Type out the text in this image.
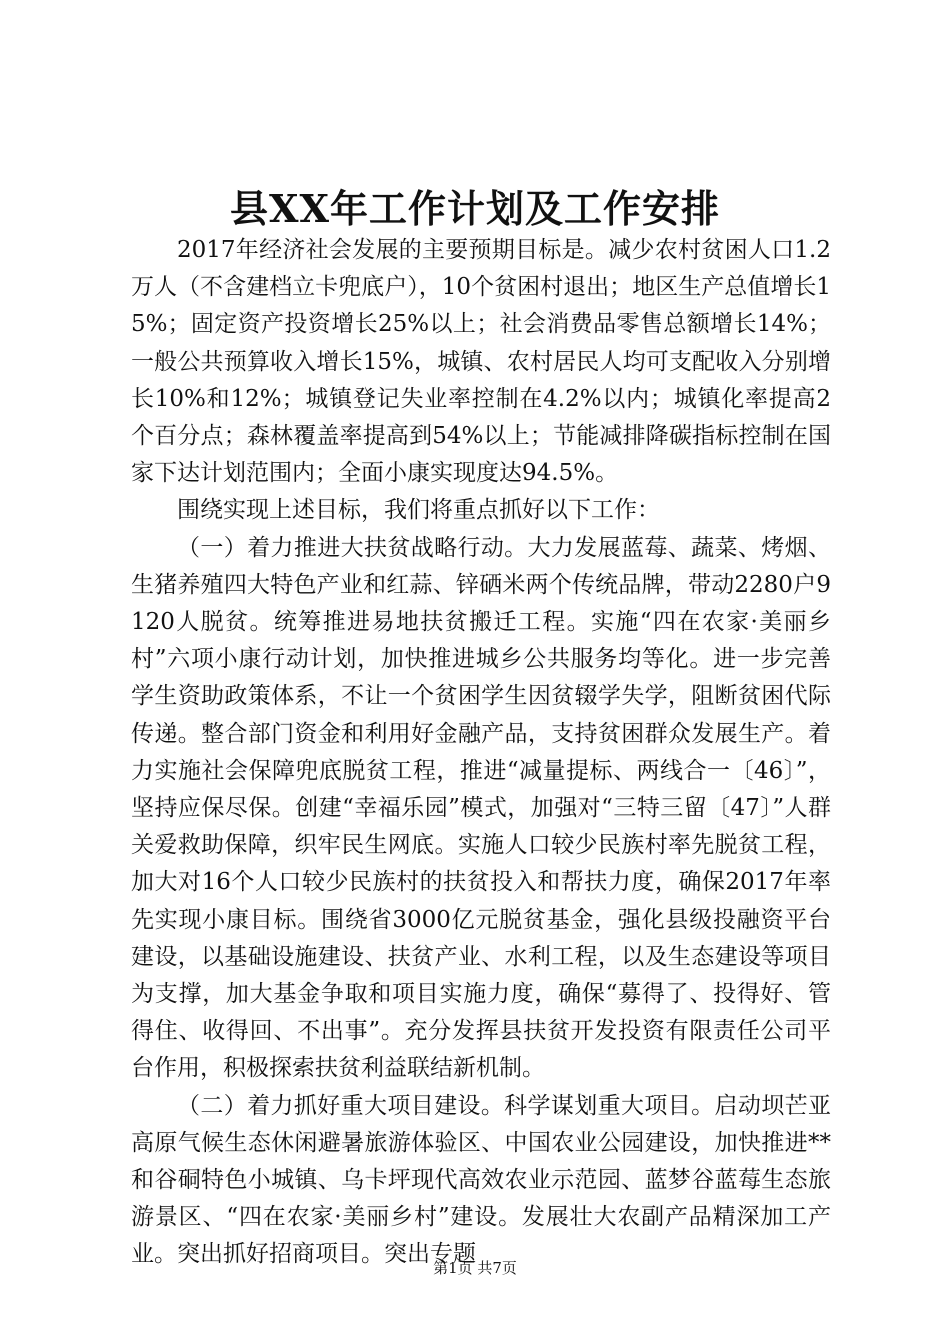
县XX年工作计划及工作安排

2017年经济社会发展的主要预期目标是。减少农村贫困人口1.2万人（不含建档立卡兜底户），10个贫困村退出；地区生产总值增长15%；固定资产投资增长25%以上；社会消费品零售总额增长14%；一般公共预算收入增长15%，城镇、农村居民人均可支配收入分别增长10%和12%；城镇登记失业率控制在4.2%以内；城镇化率提高2个百分点；森林覆盖率提高到54%以上；节能减排降碳指标控制在国家下达计划范围内；全面小康实现度达94.5%。

围绕实现上述目标，我们将重点抓好以下工作：

（一）着力推进大扶贫战略行动。大力发展蓝莓、蔬菜、烤烟、生猪养殖四大特色产业和红蒜、锌硒米两个传统品牌，带动2280户9120人脱贫。统筹推进易地扶贫搬迁工程。实施“四在农家·美丽乡村”六项小康行动计划，加快推进城乡公共服务均等化。进一步完善学生资助政策体系，不让一个贫困学生因贫辍学失学，阻断贫困代际传递。整合部门资金和利用好金融产品，支持贫困群众发展生产。着力实施社会保障兜底脱贫工程，推进“减量提标、两线合一〔46〕”，坚持应保尽保。创建“幸福乐园”模式，加强对“三特三留〔47〕”人群关爱救助保障，织牢民生网底。实施人口较少民族村率先脱贫工程，加大对16个人口较少民族村的扶贫投入和帮扶力度，确保2017年率先实现小康目标。围绕省3000亿元脱贫基金，强化县级投融资平台建设，以基础设施建设、扶贫产业、水利工程，以及生态建设等项目为支撑，加大基金争取和项目实施力度，确保“募得了、投得好、管得住、收得回、不出事”。充分发挥县扶贫开发投资有限责任公司平台作用，积极探索扶贫利益联结新机制。

（二）着力抓好重大项目建设。科学谋划重大项目。启动坝芒亚高原气候生态休闲避暑旅游体验区、中国农业公园建设，加快推进**和谷硐特色小城镇、乌卡坪现代高效农业示范园、蓝梦谷蓝莓生态旅游景区、“四在农家·美丽乡村”建设。发展壮大农副产品精深加工产业。突出抓好招商项目。突出专题

第1页 共7页
